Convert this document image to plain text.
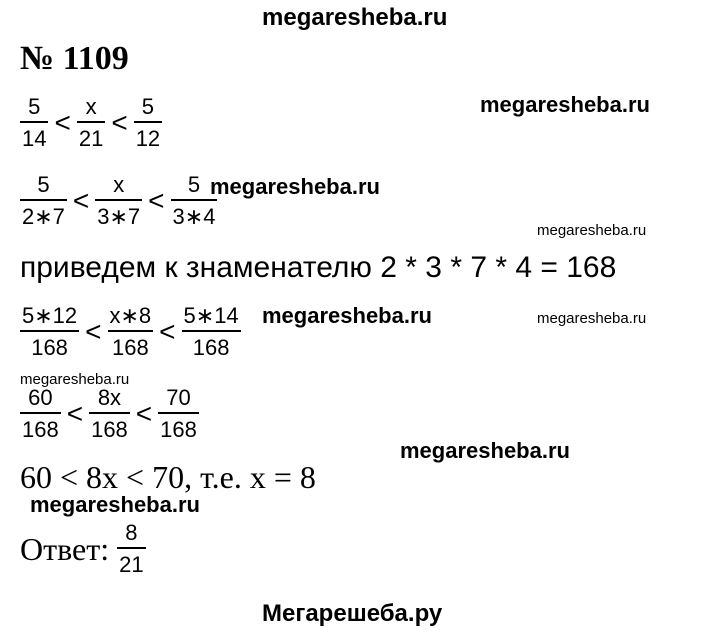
megaresheba.ru
megaresheba.ru
megaresheba.ru
megaresheba.ru
megaresheba.ru	megaresheba.ru
megaresheba.ru
megaresheba.ru
megaresheba.ru
Мегарешеба.ру
№ 1109
$\frac{5}{14} < \frac{x}{21} < \frac{5}{12}$
$\frac{5}{2∗7} < \frac{x}{3∗7} < \frac{5}{3∗4}$
приведем к знаменателю 2 * 3 * 7 * 4 = 168
$\frac{5∗12}{168} < \frac{x∗8}{168} < \frac{5∗14}{168}$
$\frac{60}{168} < \frac{8x}{168} < \frac{70}{168}$
60 < 8x < 70, т.е. x = 8
Ответ: $\frac{8}{21}$
